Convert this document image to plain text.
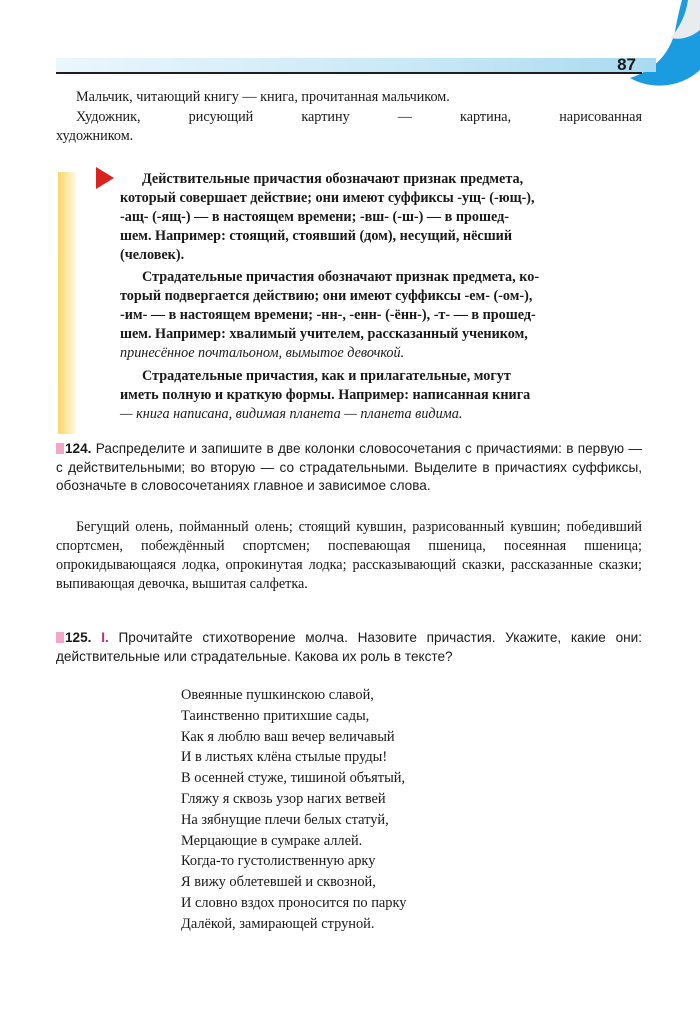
87

Мальчик, читающий книгу — книга, прочитанная мальчиком.

Художник, рисующий картину — картина, нарисованная
художником.

Действительные причастия обозначают признак предмета,
который совершает действие; они имеют суффиксы -ущ- (-ющ-),
-ащ- (-ящ-) — в настоящем времени; -вш- (-ш-) — в прошед-
шем. Например: стоящий, стоявший (дом), несущий, нёсший
(человек).
Страдательные причастия обозначают признак предмета, ко-
торый подвергается действию; они имеют суффиксы -ем- (-ом-),
-им- — в настоящем времени; -нн-, -енн- (-ённ-), -т- — в прошед-
шем. Например: хвалимый учителем, рассказанный учеником,
принесённое почтальоном, вымытое девочкой.
Страдательные причастия, как и прилагательные, могут
иметь полную и краткую формы. Например: написанная книга
— книга написана, видимая планета — планета видима.
124. Распределите и запишите в две колонки словосочетания с причастиями: в первую — с действительными; во вторую — со страдательными. Выделите в причастиях суффиксы, обозначьте в словосочетаниях главное и зависимое слова.
Бегущий олень, пойманный олень; стоящий кувшин, разрисованный кувшин; победивший спортсмен, побеждённый спортсмен; поспевающая пшеница, посеянная пшеница; опрокидывающаяся лодка, опрокинутая лодка; рассказывающий сказки, рассказанные сказки; выпивающая девочка, вышитая салфетка.
125. I. Прочитайте стихотворение молча. Назовите причастия. Укажите, какие они: действительные или страдательные. Какова их роль в тексте?
Овеянные пушкинскою славой,
Таинственно притихшие сады,
Как я люблю ваш вечер величавый
И в листьях клёна стылые пруды!
В осенней стуже, тишиной объятый,
Гляжу я сквозь узор нагих ветвей
На зябнущие плечи белых статуй,
Мерцающие в сумраке аллей.
Когда-то густолиственную арку
Я вижу облетевшей и сквозной,
И словно вздох проносится по парку
Далёкой, замирающей струной.
